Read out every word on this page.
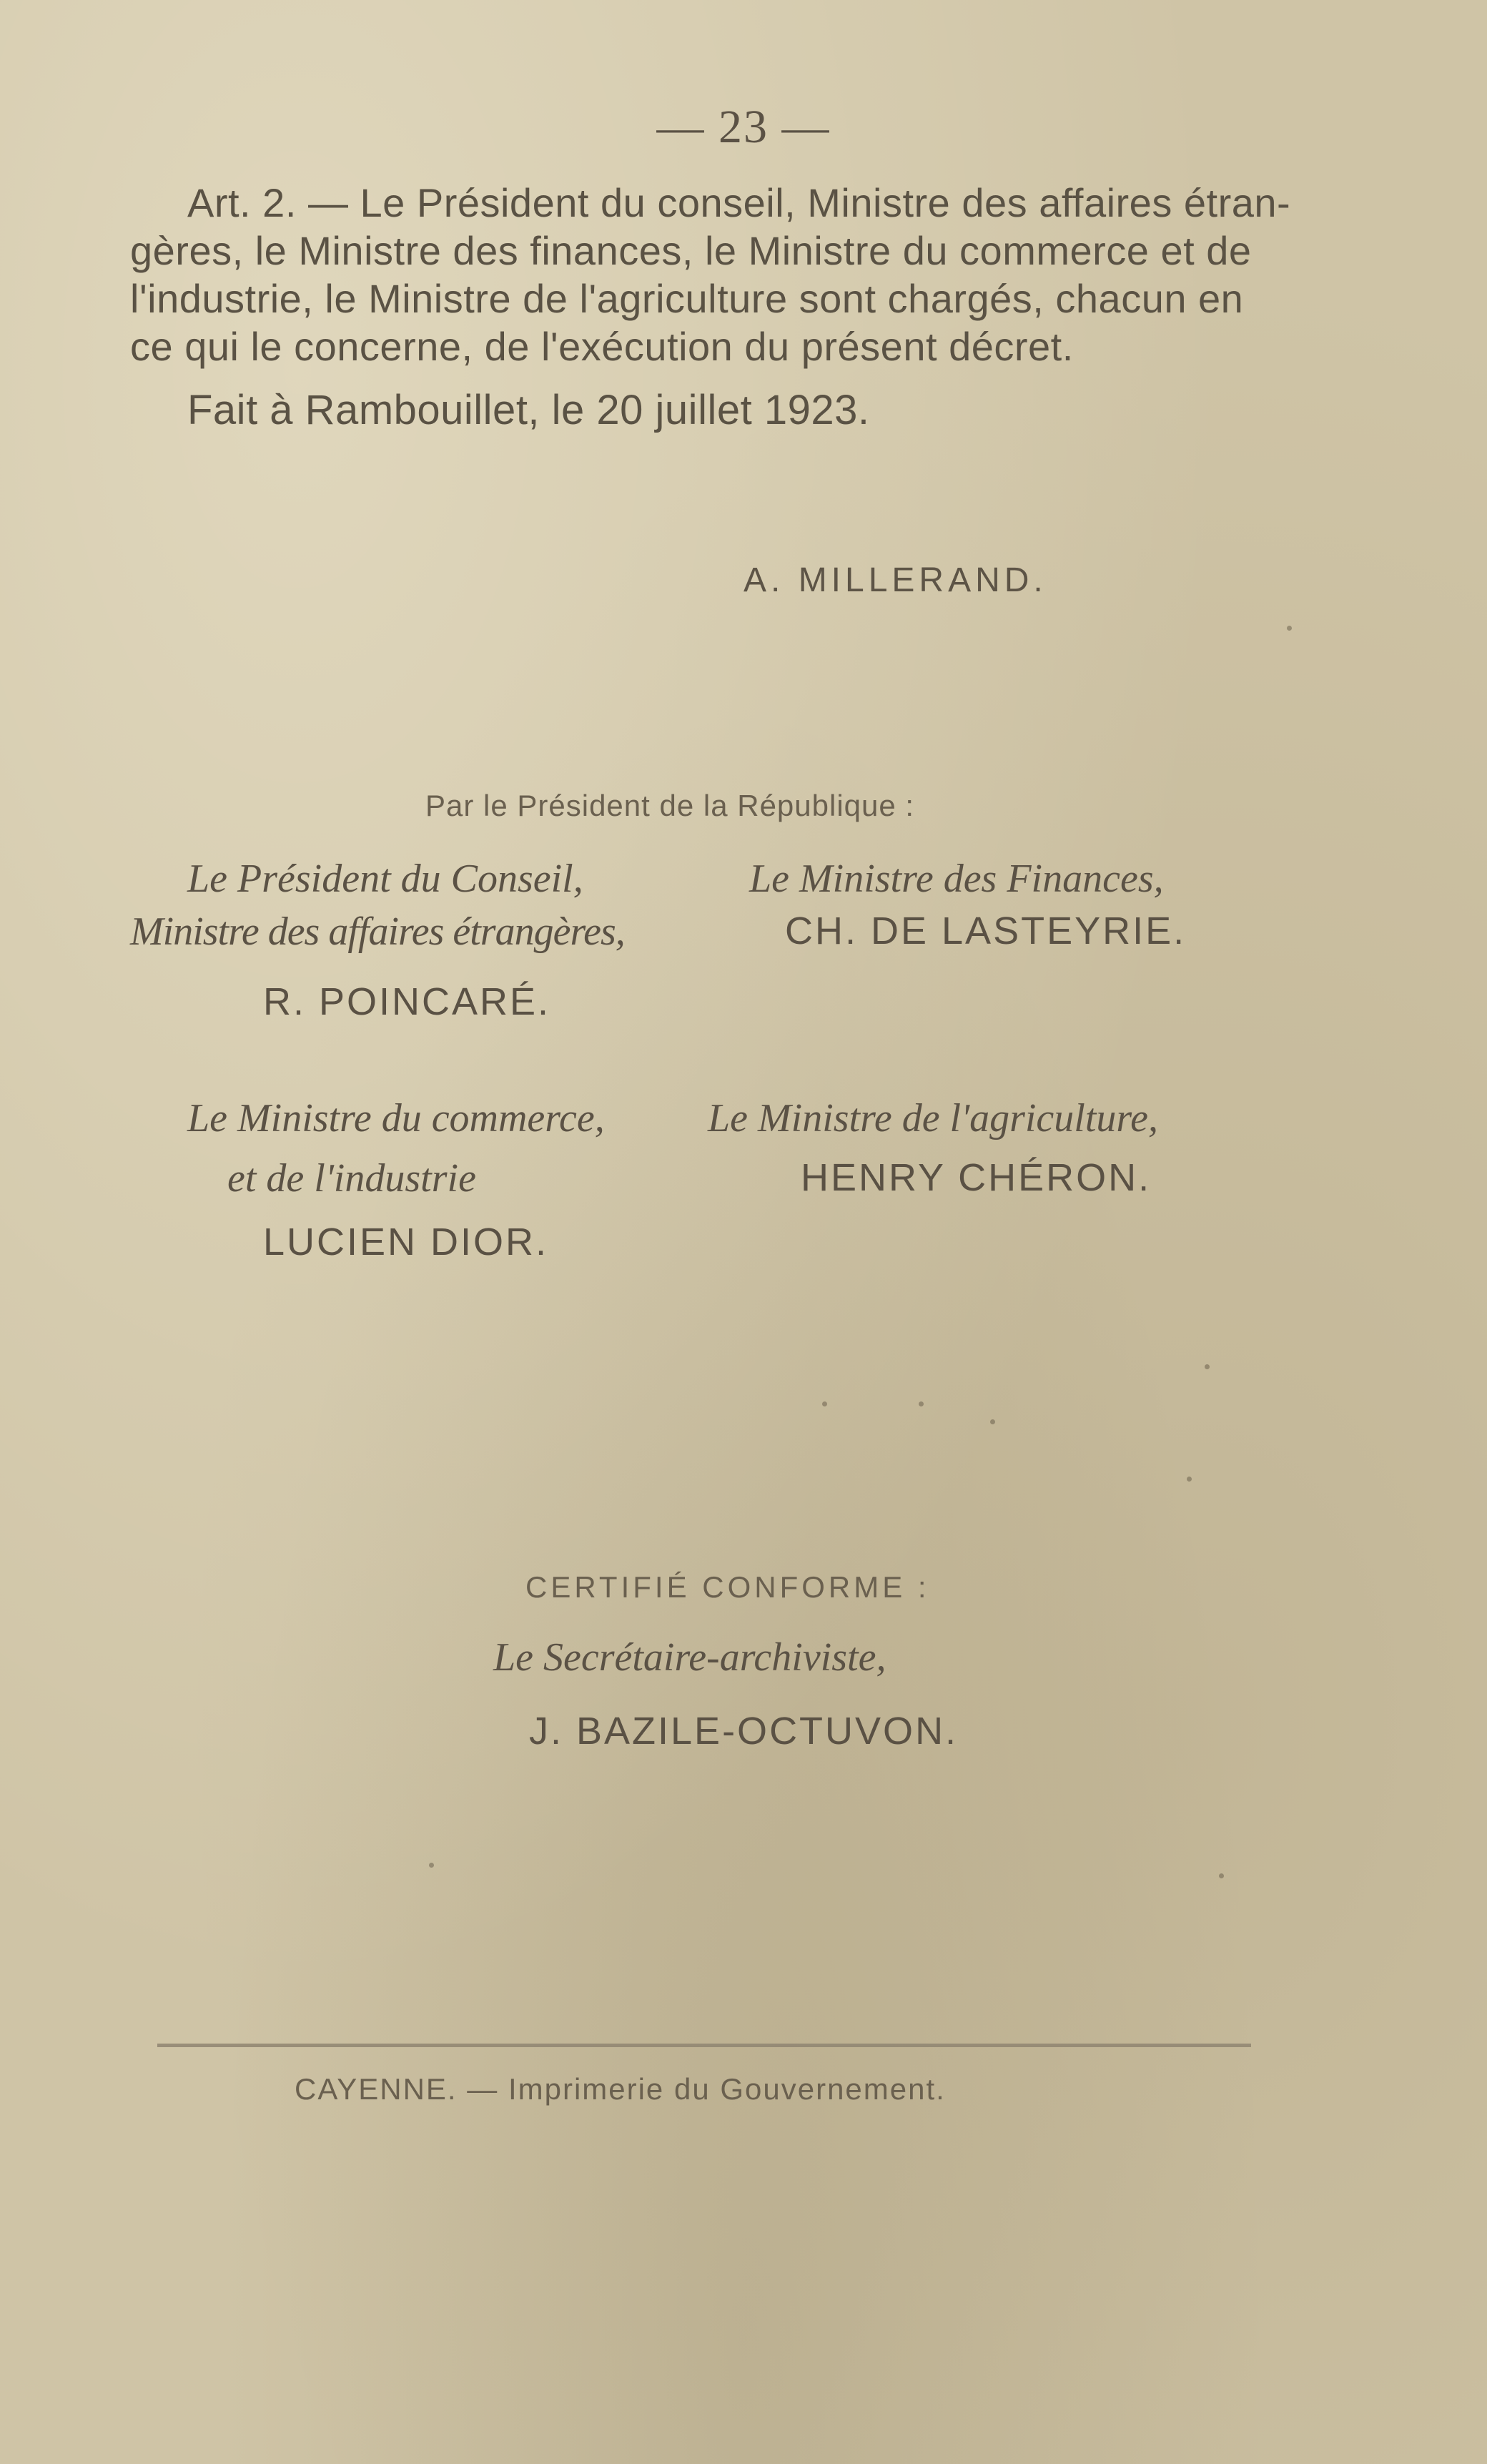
— 23 —
Art. 2. — Le Président du conseil, Ministre des affaires étran-
gères, le Ministre des finances, le Ministre du commerce et de
l'industrie, le Ministre de l'agriculture sont chargés, chacun en
ce qui le concerne, de l'exécution du présent décret.
Fait à Rambouillet, le 20 juillet 1923.
A. MILLERAND.
Par le Président de la République :
Le Président du Conseil,
Ministre des affaires étrangères,
R. POINCARÉ.
Le Ministre des Finances,
CH. DE LASTEYRIE.
Le Ministre du commerce,
et de l'industrie
LUCIEN DIOR.
Le Ministre de l'agriculture,
HENRY CHÉRON.
CERTIFIÉ CONFORME :
Le Secrétaire-archiviste,
J. BAZILE-OCTUVON.
CAYENNE. — Imprimerie du Gouvernement.
